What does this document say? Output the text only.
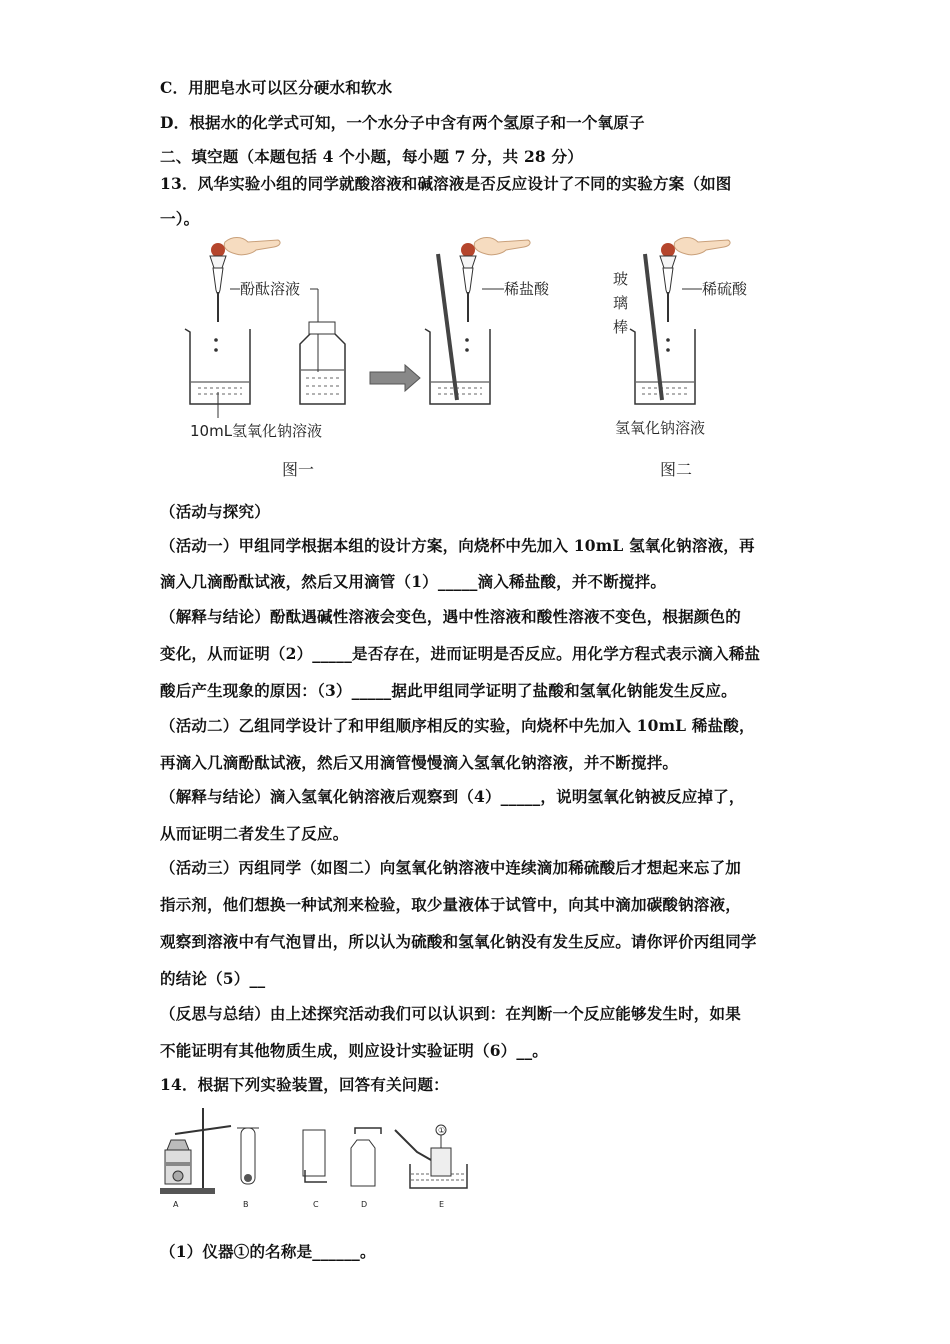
C．用肥皂水可以区分硬水和软水
D．根据水的化学式可知，一个水分子中含有两个氢原子和一个氧原子
二、填空题（本题包括 4 个小题，每小题 7 分，共 28 分）
13．风华实验小组的同学就酸溶液和碱溶液是否反应设计了不同的实验方案（如图
一）。
酚酞溶液
10mL氢氧化钠溶液
稀盐酸
图一
玻
璃
棒
稀硫酸
氢氧化钠溶液
图二
（活动与探究）
（活动一）甲组同学根据本组的设计方案，向烧杯中先加入 10mL 氢氧化钠溶液，再
滴入几滴酚酞试液，然后又用滴管（1）_____滴入稀盐酸，并不断搅拌。
（解释与结论）酚酞遇碱性溶液会变色，遇中性溶液和酸性溶液不变色，根据颜色的
变化，从而证明（2）_____是否存在，进而证明是否反应。用化学方程式表示滴入稀盐
酸后产生现象的原因：（3）_____据此甲组同学证明了盐酸和氢氧化钠能发生反应。
（活动二）乙组同学设计了和甲组顺序相反的实验，向烧杯中先加入 10mL 稀盐酸，
再滴入几滴酚酞试液，然后又用滴管慢慢滴入氢氧化钠溶液，并不断搅拌。
（解释与结论）滴入氢氧化钠溶液后观察到（4）_____，说明氢氧化钠被反应掉了，
从而证明二者发生了反应。
（活动三）丙组同学（如图二）向氢氧化钠溶液中连续滴加稀硫酸后才想起来忘了加
指示剂，他们想换一种试剂来检验，取少量液体于试管中，向其中滴加碳酸钠溶液，
观察到溶液中有气泡冒出，所以认为硫酸和氢氧化钠没有发生反应。请你评价丙组同学
的结论（5）__
（反思与总结）由上述探究活动我们可以认识到：在判断一个反应能够发生时，如果
不能证明有其他物质生成，则应设计实验证明（6）__。
14．根据下列实验装置，回答有关问题：
①
A	B	C	D	E
（1）仪器①的名称是______。
